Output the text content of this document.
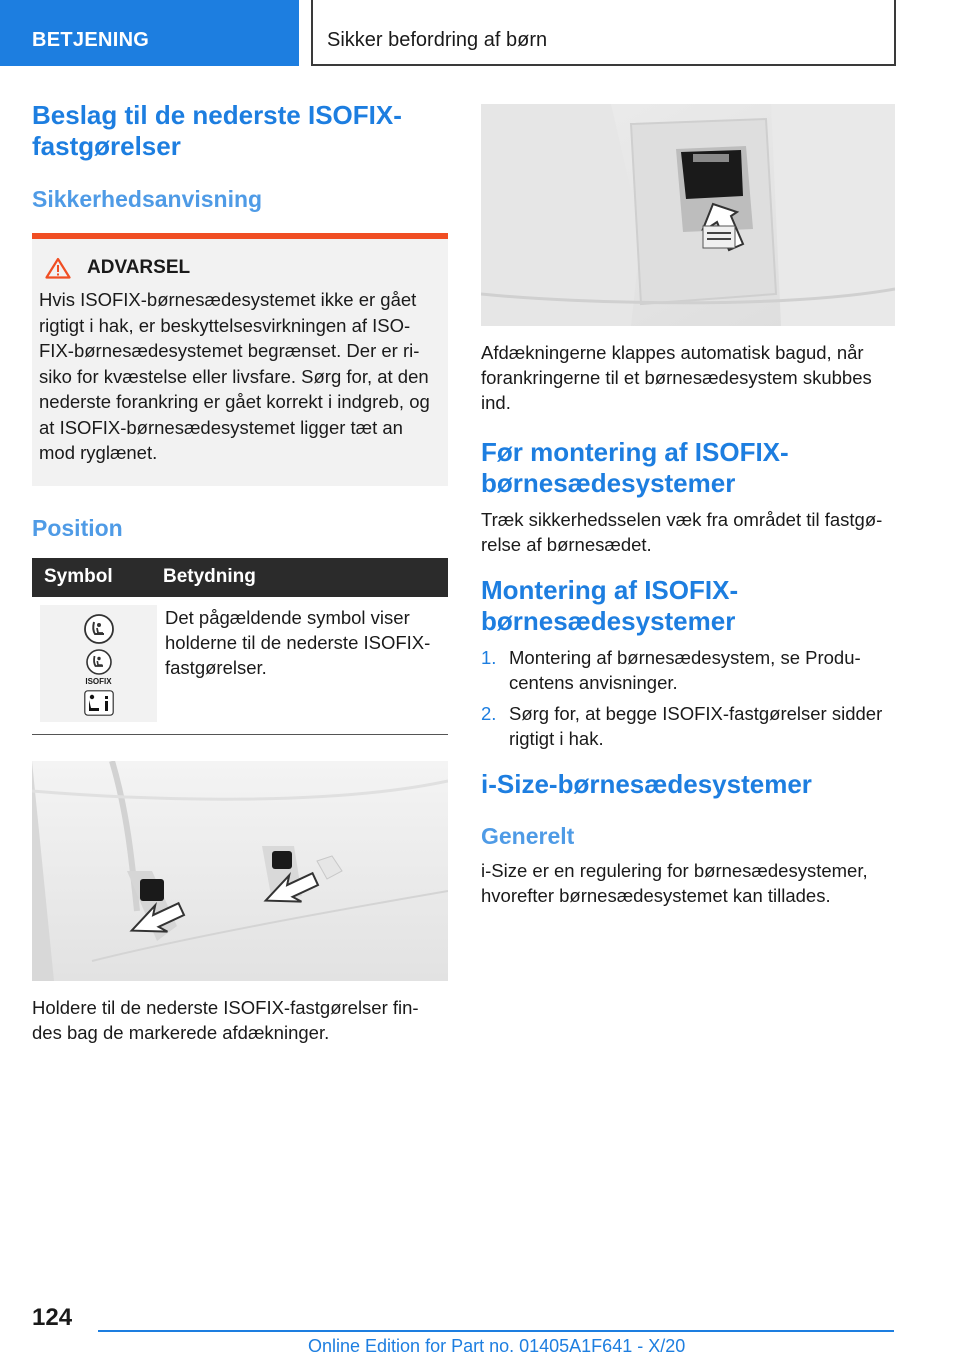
BETJENING	Sikker befordring af børn
Beslag til de nederste ISOFIX-fastgørelser
Sikkerhedsanvisning
ADVARSEL

Hvis ISOFIX-børnesædesystemet ikke er gået rigtigt i hak, er beskyttelsesvirkningen af ISO‐FIX-børnesædesystemet begrænset. Der er ri‐siko for kvæstelse eller livsfare. Sørg for, at den nederste forankring er gået korrekt i indgreb, og at ISOFIX-børnesædesystemet ligger tæt an mod ryglænet.

Position
Symbol	Betydning
ISOFIX
Det pågældende symbol viser holderne til de nederste ISOFIX-fastgørelser.

Holdere til de nederste ISOFIX-fastgørelser fin‐des bag de markerede afdækninger.

Afdækningerne klappes automatisk bagud, når forankringerne til et børnesædesystem skubbes ind.

Før montering af ISOFIX-børnesædesystemer

Træk sikkerhedsselen væk fra området til fastgø‐relse af børnesædet.

Montering af ISOFIX-børnesædesystemer
1. Montering af børnesædesystem, se Produ‐centens anvisninger.
2. Sørg for, at begge ISOFIX-fastgørelser sidder rigtigt i hak.
i-Size-børnesædesystemer
Generelt

i-Size er en regulering for børnesædesystemer, hvorefter børnesædesystemet kan tillades.

124
Online Edition for Part no. 01405A1F641 - X/20
